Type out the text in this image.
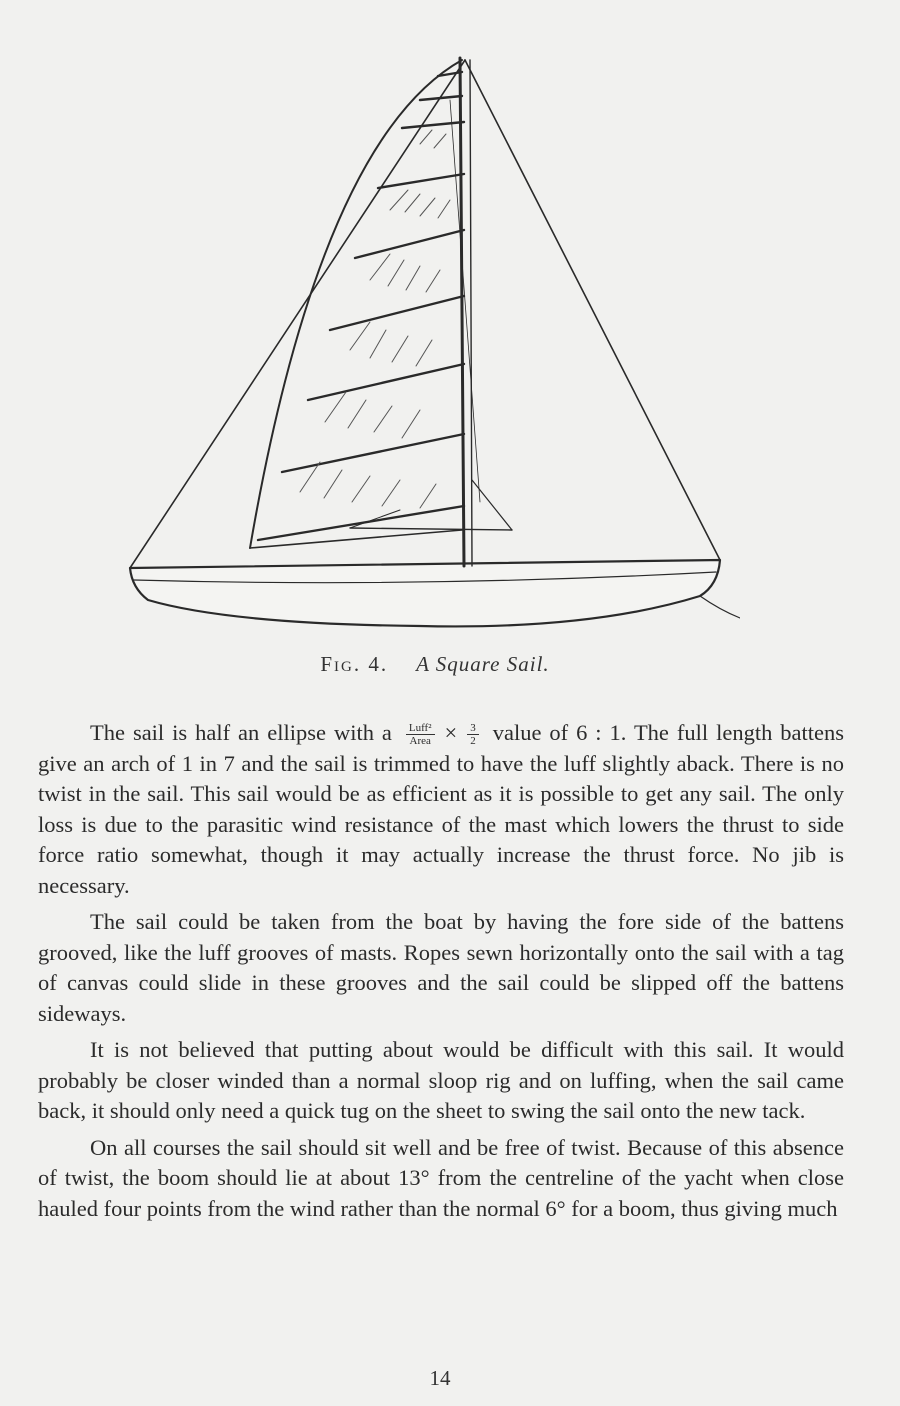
Fig. 4. A Square Sail.

The sail is half an ellipse with a $\frac{\text{Luff²}}{\text{Area}} \times \frac{3}{2}$ value of 6 : 1. The full length battens give an arch of 1 in 7 and the sail is trimmed to have the luff slightly aback. There is no twist in the sail. This sail would be as efficient as it is possible to get any sail. The only loss is due to the parasitic wind resistance of the mast which lowers the thrust to side force ratio somewhat, though it may actually increase the thrust force. No jib is necessary.

The sail could be taken from the boat by having the fore side of the battens grooved, like the luff grooves of masts. Ropes sewn horizontally onto the sail with a tag of canvas could slide in these grooves and the sail could be slipped off the battens sideways.

It is not believed that putting about would be difficult with this sail. It would probably be closer winded than a normal sloop rig and on luffing, when the sail came back, it should only need a quick tug on the sheet to swing the sail onto the new tack.

On all courses the sail should sit well and be free of twist. Because of this absence of twist, the boom should lie at about 13° from the centreline of the yacht when close hauled four points from the wind rather than the normal 6° for a boom, thus giving much

14
